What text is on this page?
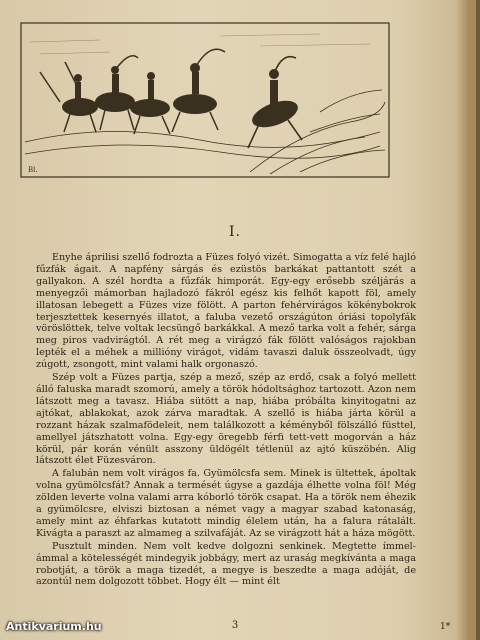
Bl.
I.

Enyhe áprilisi szellő fodrozta a Füzes folyó vizét. Simogatta a víz felé hajló fűzfák ágait. A napfény sárgás és ezüstös barkákat pattantott szét a gallyakon. A szél hordta a fűzfák himporát. Egy-egy erősebb széljárás a menyegzői mámorban hajladozó fákról egész kis felhőt kapott föl, amely illatosan lebegett a Füzes vize fölött. A parton fehérvirágos kökénybokrok terjesztettek kesernyés illatot, a faluba vezető országúton óriási topolyfák vöröslöttek, telve voltak lecsüngő barkákkal. A mező tarka volt a fehér, sárga meg piros vadvirágtól. A rét meg a virágzó fák fölött valóságos rajokban lepték el a méhek a millióny virágot, vidám tavaszi daluk összeolvadt, úgy zúgott, zsongott, mint valami halk orgonaszó.

Szép volt a Füzes partja, szép a mező, szép az erdő, csak a folyó mellett álló faluska maradt szomorú, amely a török hódoltsághoz tartozott. Azon nem látszott meg a tavasz. Hiába sütött a nap, hiába próbálta kinyitogatni az ajtókat, ablakokat, azok zárva maradtak. A szellő is hiába járta körül a rozzant házak szalmafödeleit, nem találkozott a kéményből fölszálló füsttel, amellyel játszhatott volna. Egy-egy öregebb férfi tett-vett mogorván a ház körül, pár korán vénült asszony üldögélt tétlenül az ajtó küszöbén. Alig látszott élet Füzesváron.

A falubán nem volt virágos fa. Gyümölcsfa sem. Minek is ültettek, ápoltak volna gyümölcsfát? Annak a termését úgyse a gazdája élhette volna föl! Még zölden leverte volna valami arra kóborló török csapat. Ha a török nem éhezik a gyümölcsre, elviszi biztosan a német vagy a magyar szabad katonaság, amely mint az éhfarkas kutatott mindig élelem után, ha a falura rátalált. Kivágta a paraszt az almameg a szilvafáját. Az se virágzott hát a háza mögött.

Pusztult minden. Nem volt kedve dolgozni senkinek. Megtette ímmel-ámmal a kötelességét mindegyik jobbágy, mert az uraság megkívánta a maga robotját, a török a maga tizedét, a megye is beszedte a maga adóját, de azontúl nem dolgozott többet. Hogy élt — mint élt

3	1*
Antikvarium.hu
